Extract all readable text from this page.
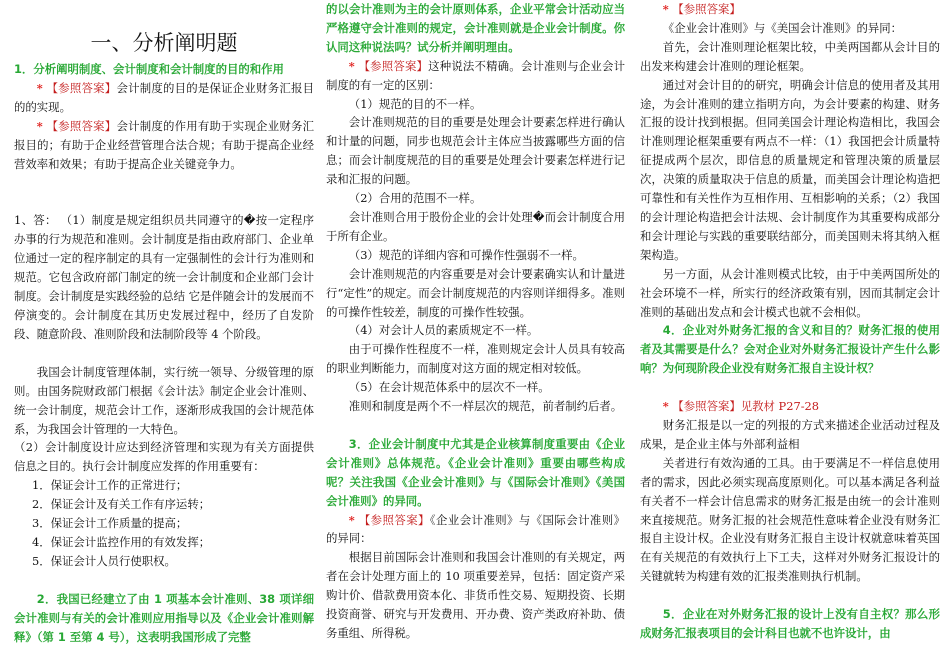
一、分析阐明题

1．分析阐明制度、会计制度和会计制度的目的和作用

* 【参照答案】会计制度的目的是保证企业财务汇报目的的实现。

* 【参照答案】会计制度的作用有助于实现企业财务汇报目的；有助于企业经营管理合法合规；有助于提高企业经营效率和效果；有助于提高企业关键竞争力。

1、答： （1）制度是规定组织员共同遵守的�按一定程序办事的行为规范和准则。会计制度是指由政府部门、企业单位通过一定的程序制定的具有一定强制性的会计行为准则和规范。它包含政府部门制定的统一会计制度和企业部门会计制度。会计制度是实践经验的总结 它是伴随会计的发展而不停演变的。会计制度在其历史发展过程中，经历了自发阶段、随意阶段、准则阶段和法制阶段等 4 个阶段。

我国会计制度管理体制，实行统一领导、分级管理的原则。由国务院财政部门根据《会计法》制定企业会计准则、统一会计制度，规范会计工作，逐渐形成我国的会计规范体系，为我国会计管理的一大特色。

（2）会计制度设计应达到经济管理和实现为有关方面提供信息之目的。执行会计制度应发挥的作用重要有：

1．保证会计工作的正常进行；

2．保证会计及有关工作有序运转；

3．保证会计工作质量的提高；

4．保证会计监控作用的有效发挥；

5．保证会计人员行使职权。

2．我国已经建立了由 1 项基本会计准则、38 项详细会计准则与有关的会计准则应用指导以及《企业会计准则解释》（第 1 至第 4 号），这表明我国形成了完整

的以会计准则为主的会计原则体系，企业平常会计活动应当严格遵守会计准则的规定，会计准则就是企业会计制度。你认同这种说法吗？试分析并阐明理由。

* 【参照答案】这种说法不精确。会计准则与企业会计制度的有一定的区别：

（1）规范的目的不一样。

会计准则规范的目的重要是处理会计要素怎样进行确认和计量的问题，同步也规范会计主体应当披露哪些方面的信息；而会计制度规范的目的重要是处理会计要素怎样进行记录和汇报的问题。

（2）合用的范围不一样。

会计准则合用于股份企业的会计处理�而会计制度合用于所有企业。

（3）规范的详细内容和可操作性强弱不一样。

会计准则规范的内容重要是对会计要素确实认和计量进行“定性”的规定。而会计制度规范的内容则详细得多。准则的可操作性较差，制度的可操作性较强。

（4）对会计人员的素质规定不一样。

由于可操作性程度不一样，准则规定会计人员具有较高的职业判断能力，而制度对这方面的规定相对较低。

（5）在会计规范体系中的层次不一样。

准则和制度是两个不一样层次的规范，前者制约后者。

3．企业会计制度中尤其是企业核算制度重要由《企业会计准则》总体规范。《企业会计准则》重要由哪些构成呢？关注我国《企业会计准则》与《国际会计准则》《美国会计准则》的异同。

* 【参照答案】《企业会计准则》与《国际会计准则》的异同：

根据目前国际会计准则和我国会计准则的有关规定，两者在会计处理方面上的 10 项重要差异，包括：固定资产采购计价、借款费用资本化、非货币性交易、短期投资、长期投资商誉、研究与开发费用、开办费、资产类政府补助、债务重组、所得税。

* 【参照答案】

《企业会计准则》与《美国会计准则》的异同：

首先，会计准则理论框架比较，中美两国都从会计目的出发来构建会计准则的理论框架。

通过对会计目的的研究，明确会计信息的使用者及其用途，为会计准则的建立指明方向，为会计要素的构建、财务汇报的设计找到根据。但同美国会计理论构造相比，我国会计准则理论框架重要有两点不一样：（1）我国把会计质量特征提成两个层次，即信息的质量规定和管理决策的质量层次，决策的质量取决于信息的质量，而美国会计理论构造把可靠性和有关性作为互相作用、互相影响的关系；（2）我国的会计理论构造把会计法规、会计制度作为其重要构成部分和会计理论与实践的重要联结部分，而美国则未将其纳入框架构造。

另一方面，从会计准则模式比较，由于中美两国所处的社会环境不一样，所实行的经济政策有别，因而其制定会计准则的基础出发点和会计模式也就不会相似。

4．企业对外财务汇报的含义和目的？财务汇报的使用者及其需要是什么？会对企业对外财务汇报设计产生什么影响？为何现阶段企业没有财务汇报自主设计权？

* 【参照答案】见教材 P27-28

财务汇报是以一定的列报的方式来描述企业活动过程及成果，是企业主体与外部利益相

关者进行有效沟通的工具。由于要满足不一样信息使用者的需求，因此必须实现高度原则化。可以基本满足各利益有关者不一样会计信息需求的财务汇报是由统一的会计准则来直接规范。财务汇报的社会规范性意味着企业没有财务汇报自主设计权。企业没有财务汇报自主设计权就意味着英国在有关规范的有效执行上下工夫，这样对外财务汇报设计的关键就转为构建有效的汇报类准则执行机制。

5．企业在对外财务汇报的设计上没有自主权？那么形成财务汇报表项目的会计科目也就不也许设计，由
